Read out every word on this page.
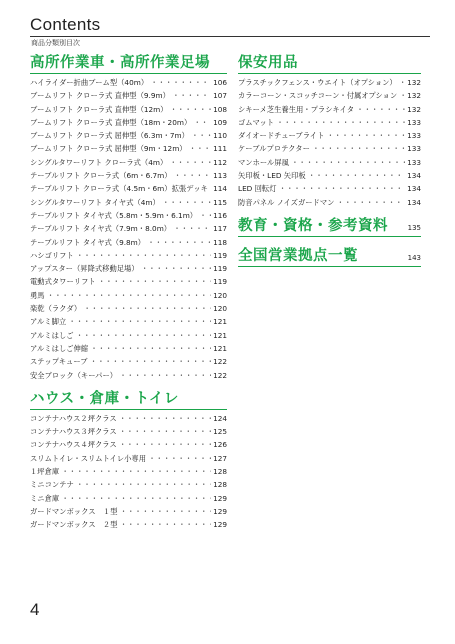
Contents
商品分類別目次
高所作業車・高所作業足場
ハイライダー折曲ブーム型（40m） ・・・・・・・・・・・・・・・・・・・・・・・・・・・・・・	106
ブームリフト クローラ式 直伸型（9.9m） ・・・・・・・・・・・・・・・・・・・・・・・・・・・・・・	107
ブームリフト クローラ式 直伸型（12m） ・・・・・・・・・・・・・・・・・・・・・・・・・・・・・・	108
ブームリフト クローラ式 直伸型（18m・20m） ・・・・・・・・・・・・・・・・・・・・・・・・・・・・・・	109
ブームリフト クローラ式 屈伸型（6.3m・7m） ・・・・・・・・・・・・・・・・・・・・・・・・・・・・・・	110
ブームリフト クローラ式 屈伸型（9m・12m） ・・・・・・・・・・・・・・・・・・・・・・・・・・・・・・	111
シングルタワーリフト クローラ式（4m） ・・・・・・・・・・・・・・・・・・・・・・・・・・・・・・	112
テーブルリフト クローラ式（6m・6.7m） ・・・・・・・・・・・・・・・・・・・・・・・・・・・・・・	113
テーブルリフト クローラ式（4.5m・6m）拡張デッキ ・・・・・・・・・・・・・・・・・・・・・・・・・・・・・・ 114
シングルタワーリフト タイヤ式（4m） ・・・・・・・・・・・・・・・・・・・・・・・・・・・・・・	115
テーブルリフト タイヤ式（5.8m・5.9m・6.1m） ・・・・・・・・・・・・・・・・・・・・・・・・・・・・・・	116
テーブルリフト タイヤ式（7.9m・8.0m） ・・・・・・・・・・・・・・・・・・・・・・・・・・・・・・	117
テーブルリフト タイヤ式（9.8m） ・・・・・・・・・・・・・・・・・・・・・・・・・・・・・・	118
ハシゴリフト ・・・・・・・・・・・・・・・・・・・・・・・・・・・・・・	119
アップスター（昇降式移動足場） ・・・・・・・・・・・・・・・・・・・・・・・・・・・・・・	119
電動式タワーリフト ・・・・・・・・・・・・・・・・・・・・・・・・・・・・・・	119
勇馬 ・・・・・・・・・・・・・・・・・・・・・・・・・・・・・・	120
楽乾（ラクダ） ・・・・・・・・・・・・・・・・・・・・・・・・・・・・・・	120
アルミ脚立 ・・・・・・・・・・・・・・・・・・・・・・・・・・・・・・	121
アルミはしご ・・・・・・・・・・・・・・・・・・・・・・・・・・・・・・	121
アルミはしご伸縮 ・・・・・・・・・・・・・・・・・・・・・・・・・・・・・・	121
ステップキューブ ・・・・・・・・・・・・・・・・・・・・・・・・・・・・・・	122
安全ブロック（キーパー） ・・・・・・・・・・・・・・・・・・・・・・・・・・・・・・	122
ハウス・倉庫・トイレ
コンテナハウス２坪クラス ・・・・・・・・・・・・・・・・・・・・・・・・・・・・・・	124
コンテナハウス３坪クラス ・・・・・・・・・・・・・・・・・・・・・・・・・・・・・・	125
コンテナハウス４坪クラス ・・・・・・・・・・・・・・・・・・・・・・・・・・・・・・	126
スリムトイレ・スリムトイレ小専用 ・・・・・・・・・・・・・・・・・・・・・・・・・・・・・・	127
１坪倉庫 ・・・・・・・・・・・・・・・・・・・・・・・・・・・・・・	128
ミニコンテナ ・・・・・・・・・・・・・・・・・・・・・・・・・・・・・・	128
ミニ倉庫 ・・・・・・・・・・・・・・・・・・・・・・・・・・・・・・	129
ガードマンボックス　１型 ・・・・・・・・・・・・・・・・・・・・・・・・・・・・・・	129
ガードマンボックス　２型 ・・・・・・・・・・・・・・・・・・・・・・・・・・・・・・	129
保安用品
プラスチックフェンス・ウエイト（オプション） ・・・・・・・・・・・・・・・・・・・・・・・・・・・・・・	132
カラーコーン・スコッチコーン・付属オプション ・・・・・・・・・・・・・・・・・・・・・・・・・・・・・・	132
シキーメ芝生養生用・プラシキイタ ・・・・・・・・・・・・・・・・・・・・・・・・・・・・・・	132
ゴムマット ・・・・・・・・・・・・・・・・・・・・・・・・・・・・・・	133
ダイオードチューブライト ・・・・・・・・・・・・・・・・・・・・・・・・・・・・・・	133
ケーブルプロテクター ・・・・・・・・・・・・・・・・・・・・・・・・・・・・・・	133
マンホール屏風 ・・・・・・・・・・・・・・・・・・・・・・・・・・・・・・	133
矢印板・LED 矢印板 ・・・・・・・・・・・・・・・・・・・・・・・・・・・・・・	134
LED 回転灯 ・・・・・・・・・・・・・・・・・・・・・・・・・・・・・・	134
防音パネル ノイズガードマン ・・・・・・・・・・・・・・・・・・・・・・・・・・・・・・	134
教育・資格・参考資料	135
全国営業拠点一覧	143
4
